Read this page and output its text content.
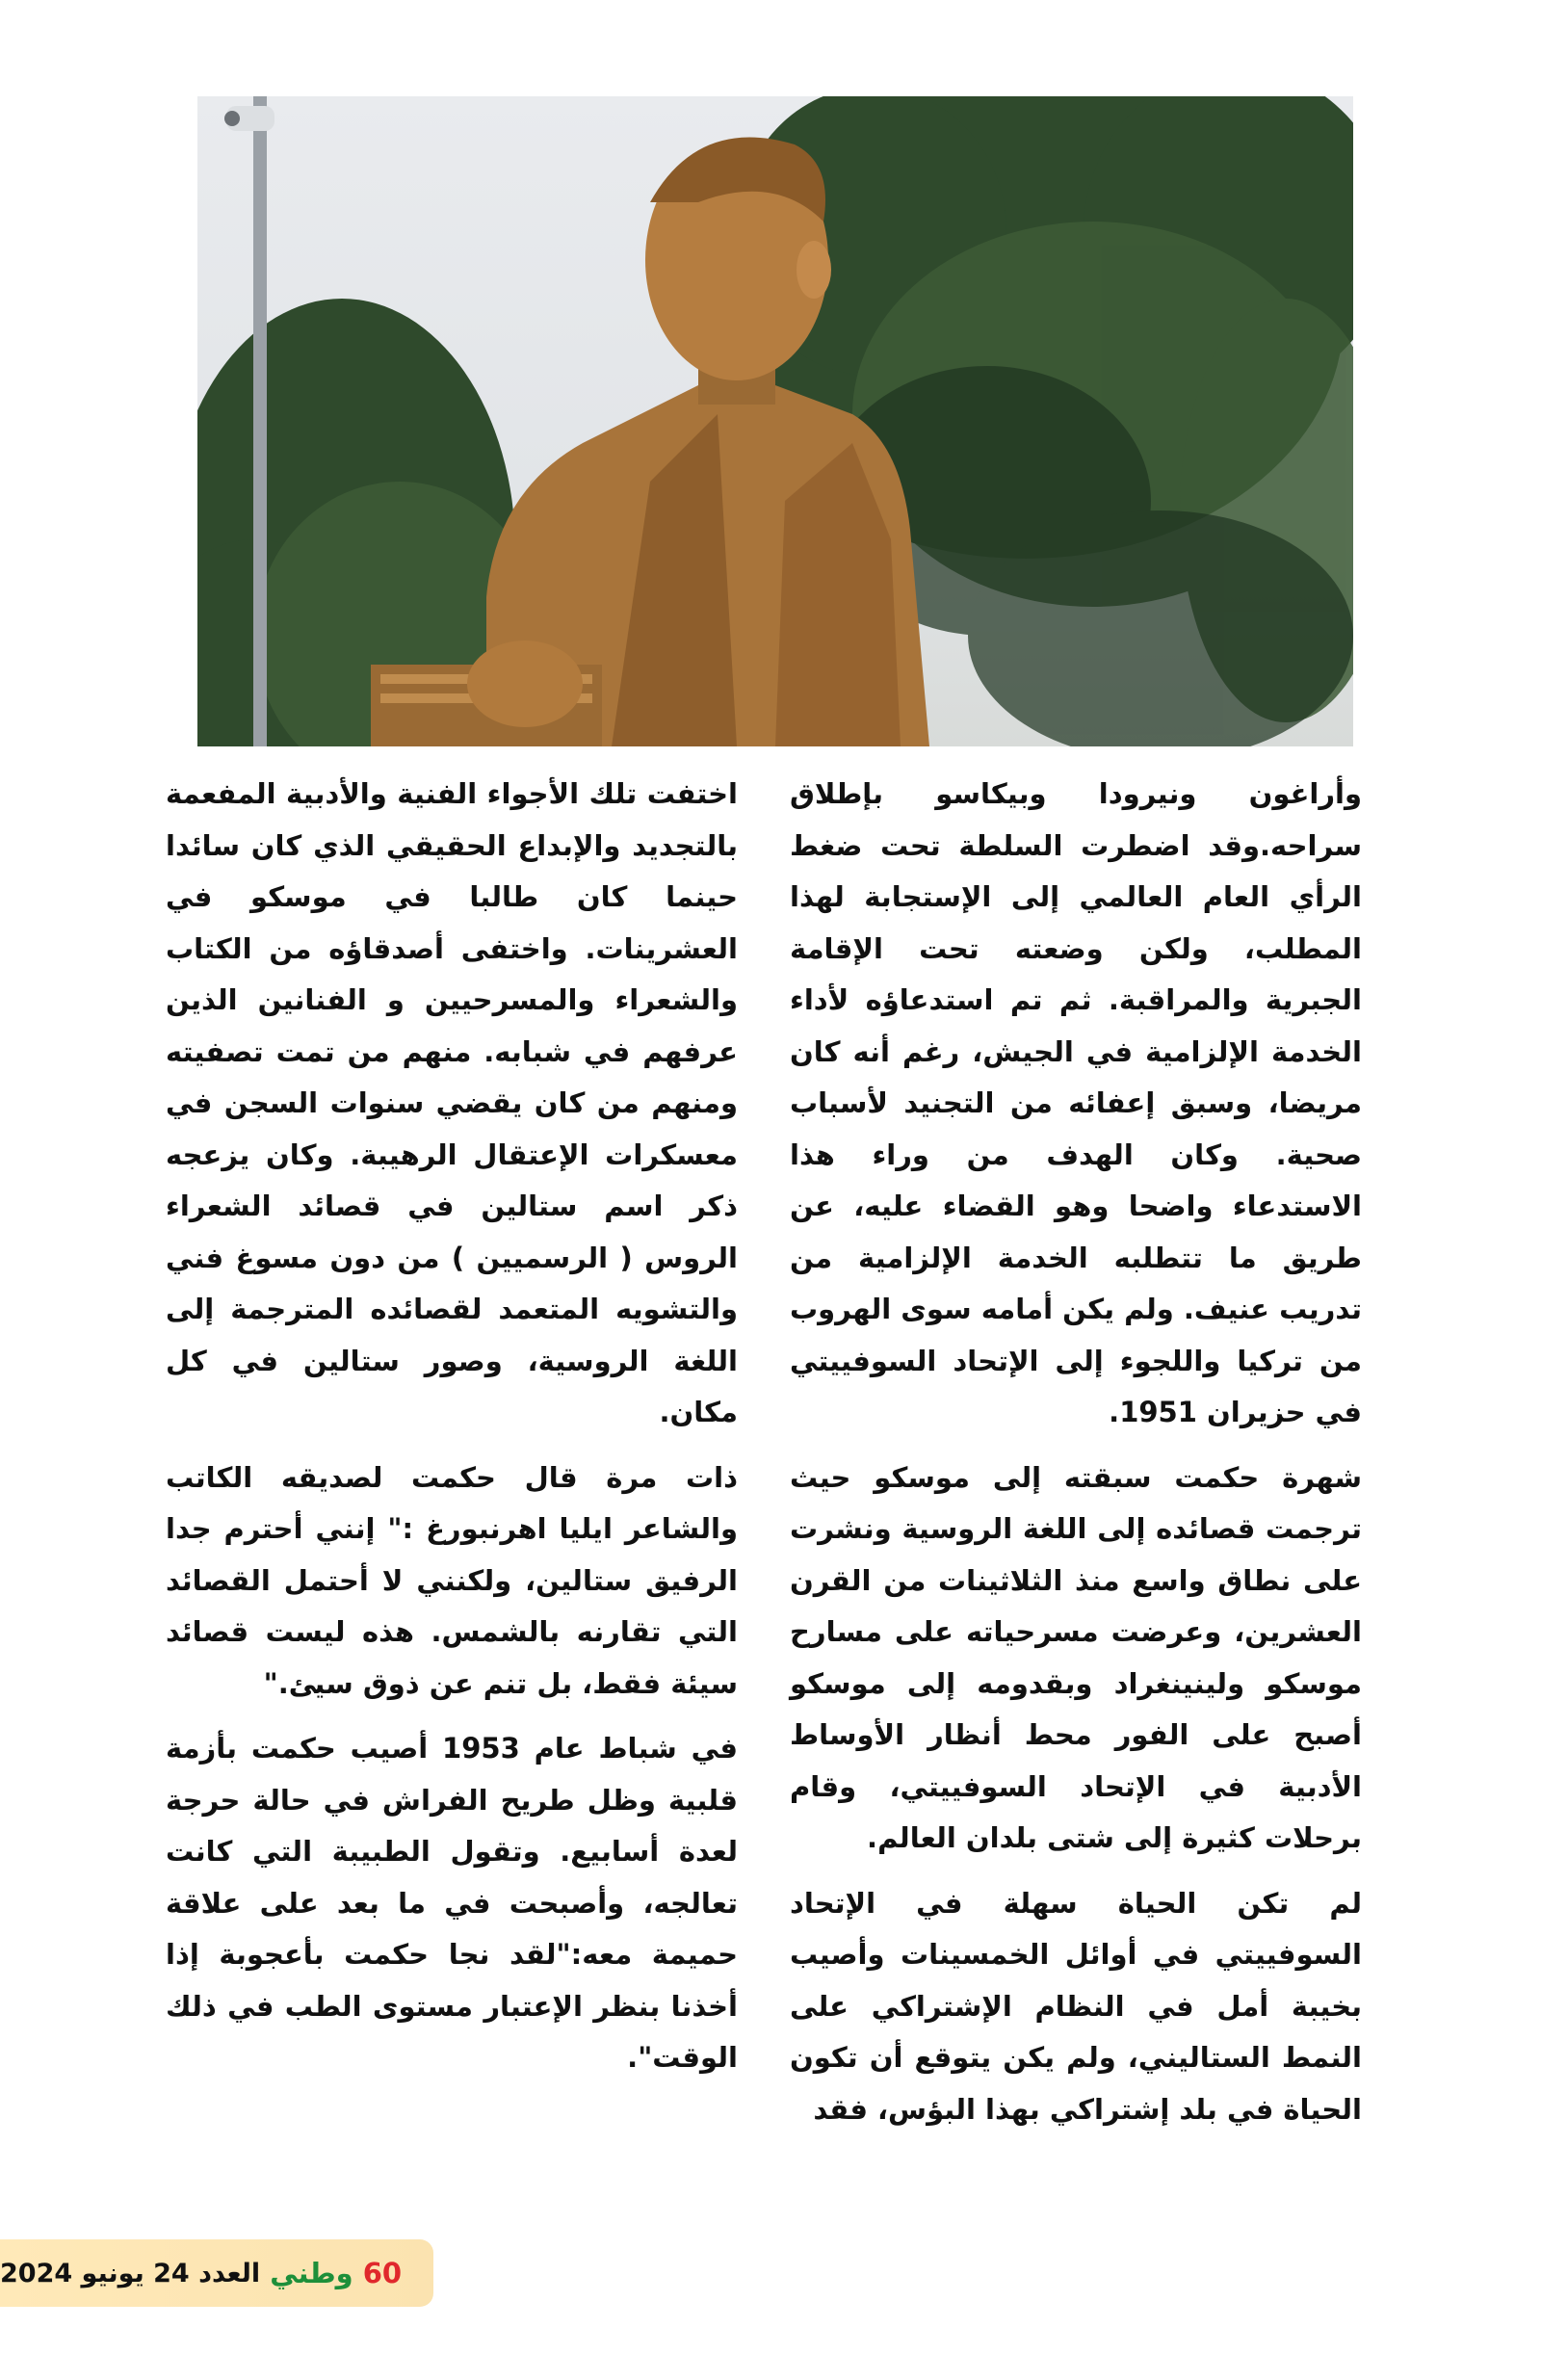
وأراغون ونيرودا وبيكاسو بإطلاق سراحه.وقد اضطرت السلطة تحت ضغط الرأي العام العالمي إلى الإستجابة لهذا المطلب، ولكن وضعته تحت الإقامة الجبرية والمراقبة. ثم تم استدعاؤه لأداء الخدمة الإلزامية في الجيش، رغم أنه كان مريضا، وسبق إعفائه من التجنيد لأسباب صحية. وكان الهدف من وراء هذا الاستدعاء واضحا وهو القضاء عليه، عن طريق ما تتطلبه الخدمة الإلزامية من تدريب عنيف. ولم يكن أمامه سوى الهروب من تركيا واللجوء إلى الإتحاد السوفييتي في حزيران 1951.

شهرة حكمت سبقته إلى موسكو حيث ترجمت قصائده إلى اللغة الروسية ونشرت على نطاق واسع منذ الثلاثينات من القرن العشرين، وعرضت مسرحياته على مسارح موسكو ولينينغراد وبقدومه إلى موسكو أصبح على الفور محط أنظار الأوساط الأدبية في الإتحاد السوفييتي، وقام برحلات كثيرة إلى شتى بلدان العالم.

لم تكن الحياة سهلة في الإتحاد السوفييتي في أوائل الخمسينات وأصيب بخيبة أمل في النظام الإشتراكي على النمط الستاليني، ولم يكن يتوقع أن تكون الحياة في بلد إشتراكي بهذا البؤس، فقد

اختفت تلك الأجواء الفنية والأدبية المفعمة بالتجديد والإبداع الحقيقي الذي كان سائدا حينما كان طالبا في موسكو في العشرينات. واختفى أصدقاؤه من الكتاب والشعراء والمسرحيين و الفنانين الذين عرفهم في شبابه. منهم من تمت تصفيته ومنهم من كان يقضي سنوات السجن في معسكرات الإعتقال الرهيبة. وكان يزعجه ذكر اسم ستالين في قصائد الشعراء الروس ( الرسميين ) من دون مسوغ فني والتشويه المتعمد لقصائده المترجمة إلى اللغة الروسية، وصور ستالين في كل مكان.

ذات مرة قال حكمت لصديقه الكاتب والشاعر ايليا اهرنبورغ :" إنني أحترم جدا الرفيق ستالين، ولكنني لا أحتمل القصائد التي تقارنه بالشمس. هذه ليست قصائد سيئة فقط، بل تنم عن ذوق سيئ."

في شباط عام 1953 أصيب حكمت بأزمة قلبية وظل طريح الفراش في حالة حرجة لعدة أسابيع. وتقول الطبيبة التي كانت تعالجه، وأصبحت في ما بعد على علاقة حميمة معه:"لقد نجا حكمت بأعجوبة إذا أخذنا بنظر الإعتبار مستوى الطب في ذلك الوقت".

60
وطني
العدد 24 يونيو 2024
